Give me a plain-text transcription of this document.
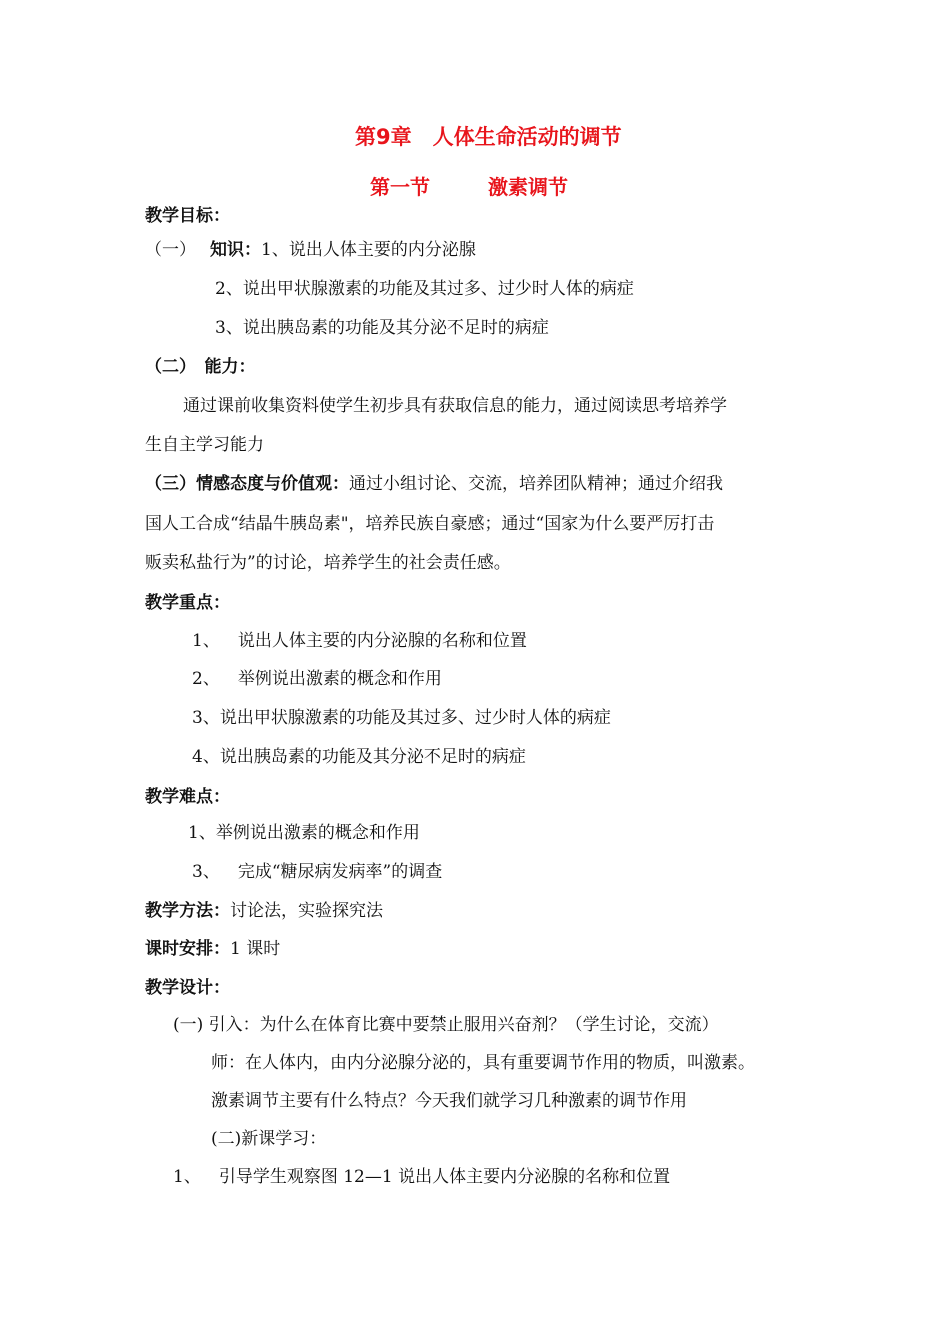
第9章　人体生命活动的调节
第一节	激素调节
教学目标：
（一） 知识：1、说出人体主要的内分泌腺
2、说出甲状腺激素的功能及其过多、过少时人体的病症
3、说出胰岛素的功能及其分泌不足时的病症
（二）　能力：
通过课前收集资料使学生初步具有获取信息的能力，通过阅读思考培养学
生自主学习能力
（三）情感态度与价值观：通过小组讨论、交流，培养团队精神；通过介绍我
国人工合成“结晶牛胰岛素"，培养民族自豪感；通过“国家为什么要严厉打击
贩卖私盐行为”的讨论，培养学生的社会责任感。
教学重点：
1、 说出人体主要的内分泌腺的名称和位置
2、 举例说出激素的概念和作用
3、说出甲状腺激素的功能及其过多、过少时人体的病症
4、说出胰岛素的功能及其分泌不足时的病症
教学难点：
1、举例说出激素的概念和作用
3、 完成“糖尿病发病率”的调查
教学方法：讨论法，实验探究法
课时安排：1 课时
教学设计：
(一) 引入：为什么在体育比赛中要禁止服用兴奋剂？（学生讨论，交流）
师：在人体内，由内分泌腺分泌的，具有重要调节作用的物质，叫激素。
激素调节主要有什么特点？今天我们就学习几种激素的调节作用
(二)新课学习：
1、 引导学生观察图 12—1 说出人体主要内分泌腺的名称和位置
